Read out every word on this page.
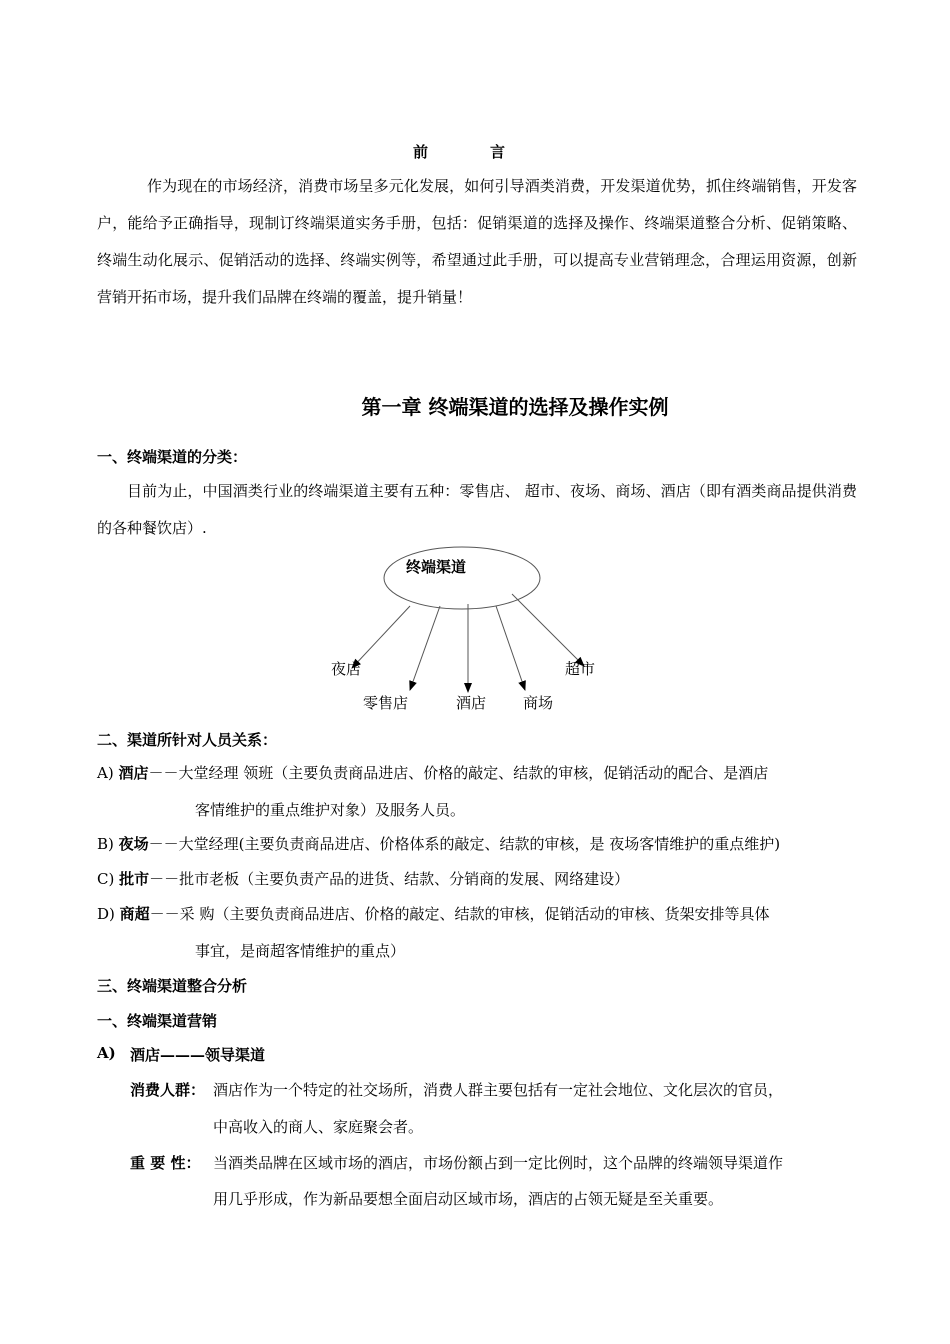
前言
作为现在的市场经济，消费市场呈多元化发展，如何引导酒类消费，开发渠道优势，抓住终端销售，开发客户，能给予正确指导，现制订终端渠道实务手册，包括：促销渠道的选择及操作、终端渠道整合分析、促销策略、终端生动化展示、促销活动的选择、终端实例等，希望通过此手册，可以提高专业营销理念，合理运用资源，创新营销开拓市场，提升我们品牌在终端的覆盖，提升销量！
第一章 终端渠道的选择及操作实例
一、终端渠道的分类：
目前为止，中国酒类行业的终端渠道主要有五种：零售店、 超市、夜场、商场、酒店（即有酒类商品提供消费的各种餐饮店）.
终端渠道
夜店
零售店	酒店 商场
超市
二、渠道所针对人员关系：
A) 酒店－－大堂经理 领班（主要负责商品进店、价格的敲定、结款的审核，促销活动的配合、是酒店
客情维护的重点维护对象）及服务人员。
B) 夜场－－大堂经理(主要负责商品进店、价格体系的敲定、结款的审核，是 夜场客情维护的重点维护)
C) 批市－－批市老板（主要负责产品的进货、结款、分销商的发展、网络建设）
D) 商超－－采 购（主要负责商品进店、价格的敲定、结款的审核，促销活动的审核、货架安排等具体
事宜，是商超客情维护的重点）
三、终端渠道整合分析
一、终端渠道营销
A) 酒店———领导渠道
消费人群： 酒店作为一个特定的社交场所，消费人群主要包括有一定社会地位、文化层次的官员，
中高收入的商人、家庭聚会者。
重 要 性： 当酒类品牌在区域市场的酒店，市场份额占到一定比例时，这个品牌的终端领导渠道作
用几乎形成，作为新品要想全面启动区域市场，酒店的占领无疑是至关重要。
